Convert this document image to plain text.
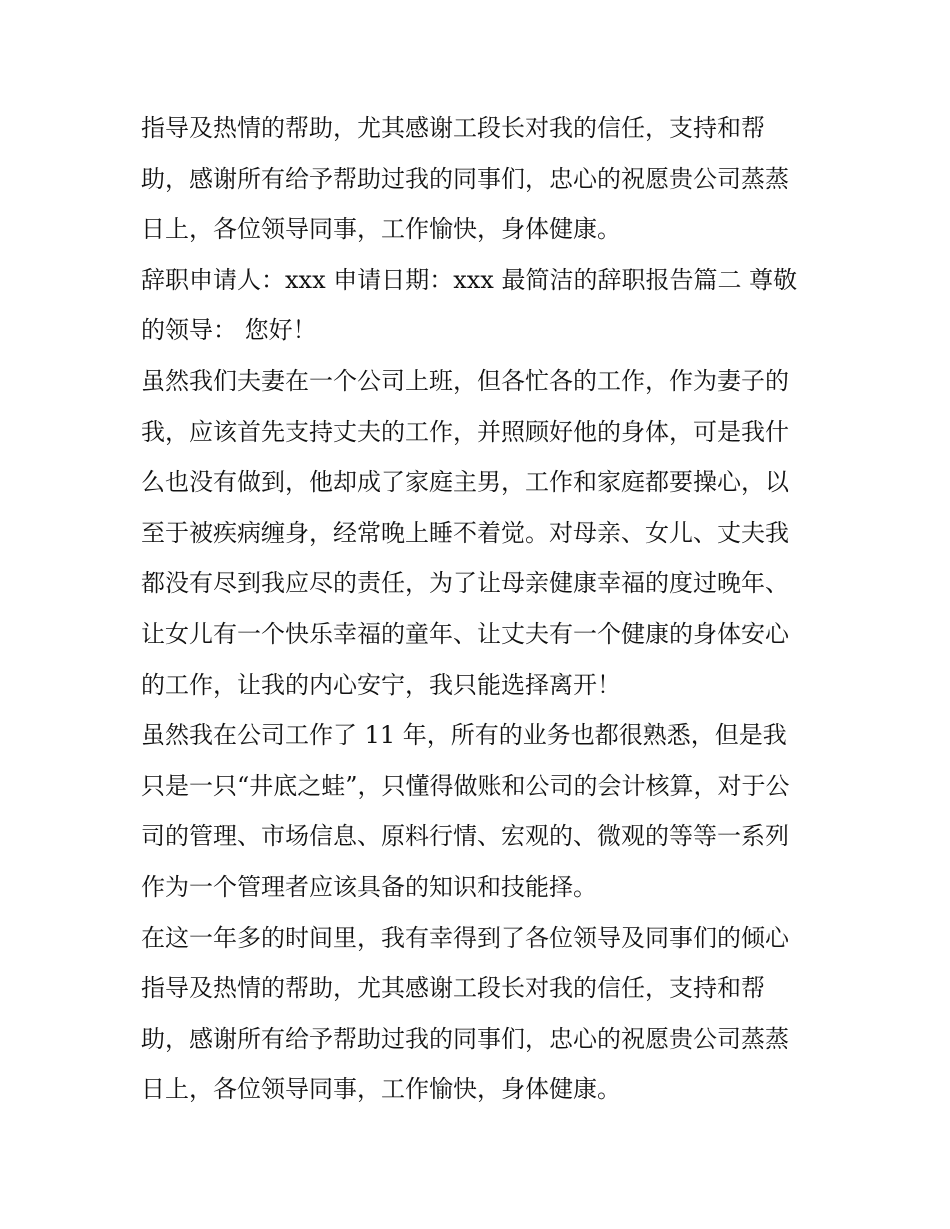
指导及热情的帮助，尤其感谢工段长对我的信任，支持和帮
助，感谢所有给予帮助过我的同事们，忠心的祝愿贵公司蒸蒸
日上，各位领导同事，工作愉快，身体健康。
辞职申请人：xxx 申请日期：xxx 最简洁的辞职报告篇二 尊敬
的领导： 您好！
虽然我们夫妻在一个公司上班，但各忙各的工作，作为妻子的
我，应该首先支持丈夫的工作，并照顾好他的身体，可是我什
么也没有做到，他却成了家庭主男，工作和家庭都要操心，以
至于被疾病缠身，经常晚上睡不着觉。对母亲、女儿、丈夫我
都没有尽到我应尽的责任，为了让母亲健康幸福的度过晚年、
让女儿有一个快乐幸福的童年、让丈夫有一个健康的身体安心
的工作，让我的内心安宁，我只能选择离开！
虽然我在公司工作了 11 年，所有的业务也都很熟悉，但是我
只是一只“井底之蛙”，只懂得做账和公司的会计核算，对于公
司的管理、市场信息、原料行情、宏观的、微观的等等一系列
作为一个管理者应该具备的知识和技能择。
在这一年多的时间里，我有幸得到了各位领导及同事们的倾心
指导及热情的帮助，尤其感谢工段长对我的信任，支持和帮
助，感谢所有给予帮助过我的同事们，忠心的祝愿贵公司蒸蒸
日上，各位领导同事，工作愉快，身体健康。
